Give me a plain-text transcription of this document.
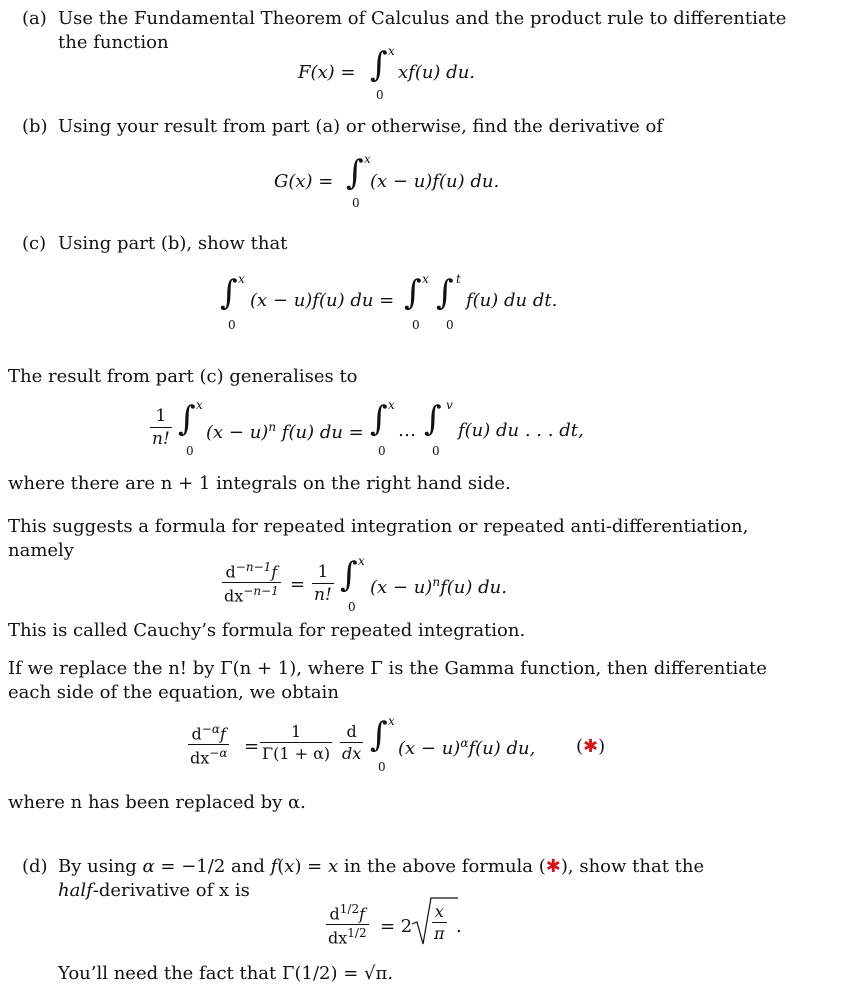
(a) Use the Fundamental Theorem of Calculus and the product rule to differentiate
the function
F(x) = ∫ x
0
xf(u) du.
(b) Using your result from part (a) or otherwise, find the derivative of
G(x) = ∫ x
0
(x − u)f(u) du.
(c) Using part (b), show that
∫ x
0
(x − u)f(u) du = ∫ x
0
∫ t
0
f(u) du dt.
The result from part (c) generalises to
$\frac{1}{n!}$ ∫ x
0
$(x - u)^n$ f(u) du = ∫ x
0
… ∫ v
0
f(u) du . . . dt,
where there are n + 1 integrals on the right hand side.
This suggests a formula for repeated integration or repeated anti-differentiation,
namely
$\frac{d^{-n-1}f}{dx^{-n-1}} = \frac{1}{n!}$ ∫ x
0
$(x - u)^nf(u)$ du.
This is called Cauchy’s formula for repeated integration.
If we replace the n! by Γ(n + 1), where Γ is the Gamma function, then differentiate
each side of the equation, we obtain
$\frac{d^{-\alpha}f}{dx^{-\alpha}} = \frac{1}{\Gamma(1 + \alpha)} \frac{d}{dx}$ ∫ x
0
$(x - u)^\alpha f(u)$ du, (✱)
where n has been replaced by α.
(d) By using α = −1/2 and f(x) = x in the above formula (✱), show that the
half-derivative of x is
$\frac{d^{1/2}f}{dx^{1/2}} = 2 \frac{x}{\pi}$ .
You’ll need the fact that Γ(1/2) = √π.
